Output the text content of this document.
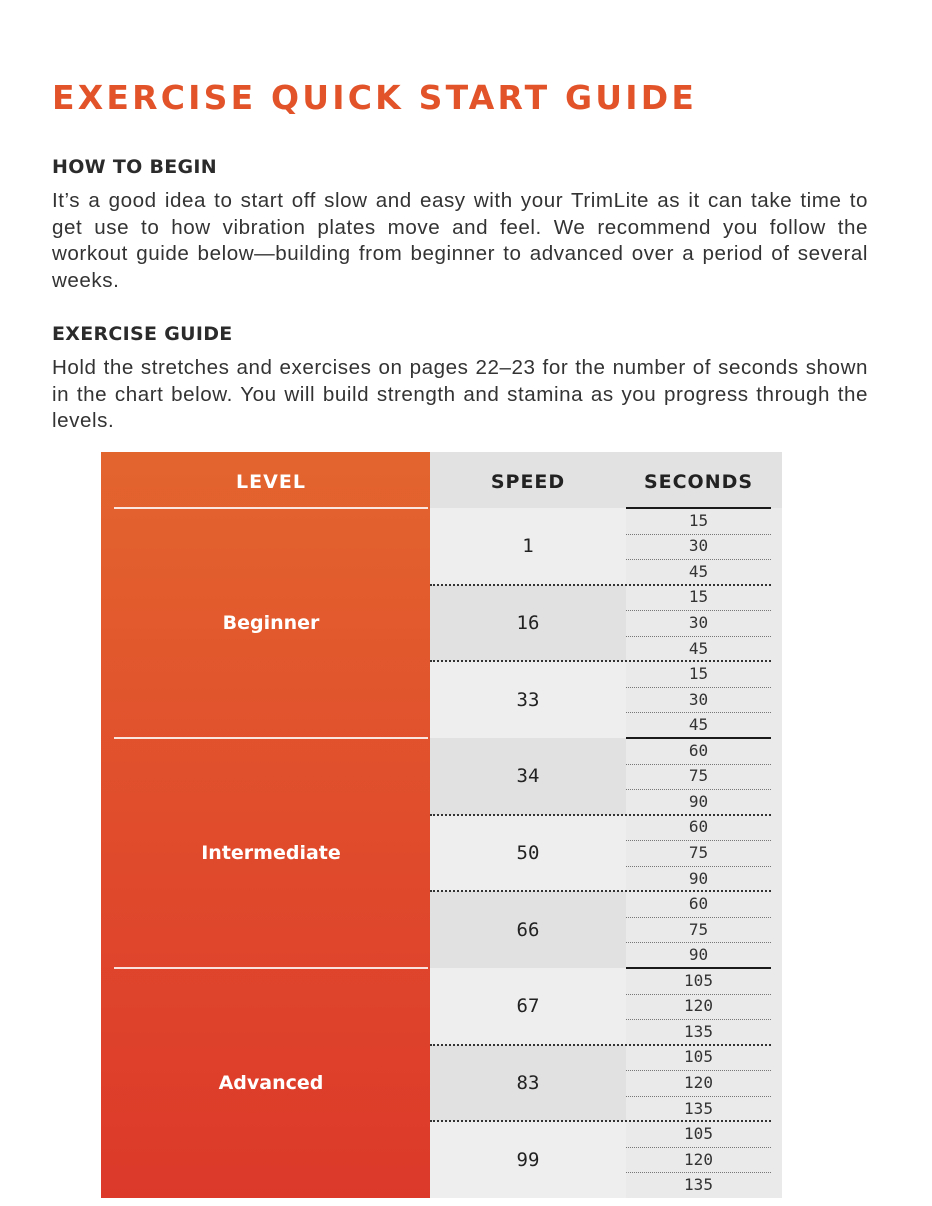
EXERCISE QUICK START GUIDE
HOW TO BEGIN

It’s a good idea to start off slow and easy with your TrimLite as it can take time to get use to how vibration plates move and feel. We recommend you follow the workout guide below—building from beginner to advanced over a period of several weeks.

EXERCISE GUIDE

Hold the stretches and exercises on pages 22–23 for the number of seconds shown in the chart below. You will build strength and stamina as you progress through the levels.

LEVEL	SPEED	SECONDS
Beginner
1
15
30
45
16
15
30
45
33
15
30
45
Intermediate
34
60
75
90
50
60
75
90
66
60
75
90
Advanced
67
105
120
135
83
105
120
135
99
105
120
135
